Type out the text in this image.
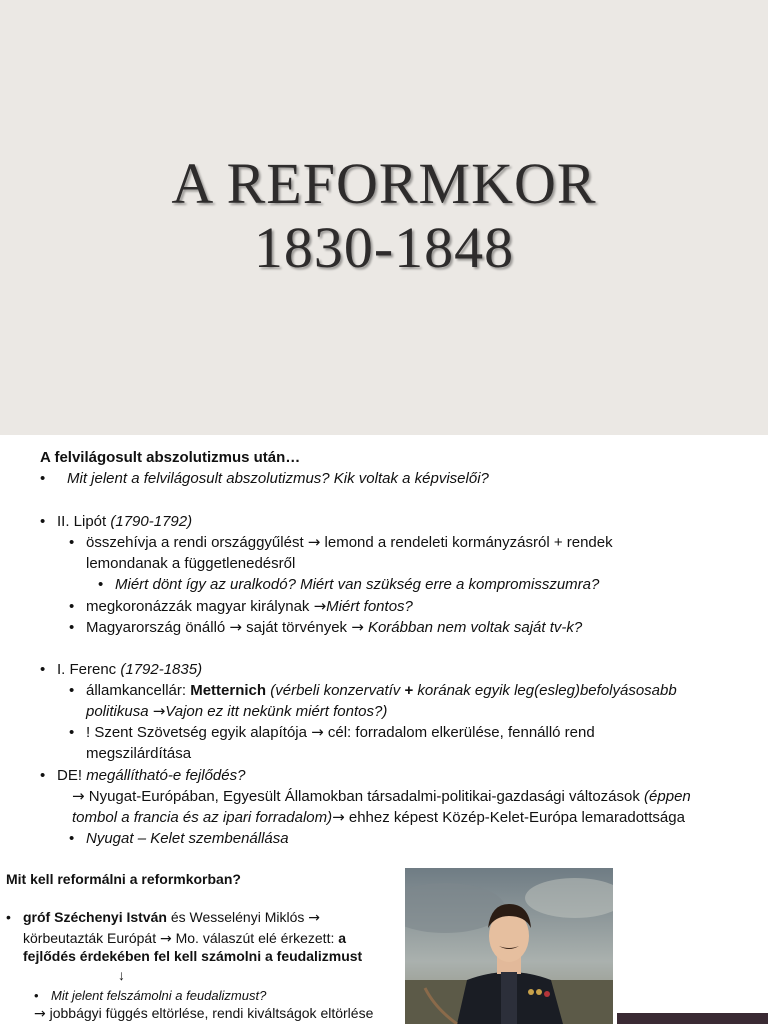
A REFORMKOR
1830-1848
A felvilágosult abszolutizmus után…
• Mit jelent a felvilágosult abszolutizmus? Kik voltak a képviselői?
• II. Lipót (1790-1792)
• összehívja a rendi országgyűlést → lemond a rendeleti kormányzásról + rendek
lemondanak a függetlenedésről
• Miért dönt így az uralkodó? Miért van szükség erre a kompromisszumra?
• megkoronázzák magyar királynak →Miért fontos?
• Magyarország önálló → saját törvények → Korábban nem voltak saját tv-k?
• I. Ferenc (1792-1835)
• államkancellár: Metternich (vérbeli konzervatív + korának egyik leg(esleg)befolyásosabb
politikusa →Vajon ez itt nekünk miért fontos?)
• ! Szent Szövetség egyik alapítója → cél: forradalom elkerülése, fennálló rend
megszilárdítása
• DE! megállítható-e fejlődés?
→ Nyugat-Európában, Egyesült Államokban társadalmi-politikai-gazdasági változások (éppen
tombol a francia és az ipari forradalom)→ ehhez képest Közép-Kelet-Európa lemaradottsága
• Nyugat – Kelet szembenállása
Mit kell reformálni a reformkorban?
• gróf Széchenyi István és Wesselényi Miklós →
körbeutazták Európát → Mo. válaszút elé érkezett: a
fejlődés érdekében fel kell számolni a feudalizmust
↓
• Mit jelent felszámolni a feudalizmust?
→ jobbágyi függés eltörlése, rendi kiváltságok eltörlése
